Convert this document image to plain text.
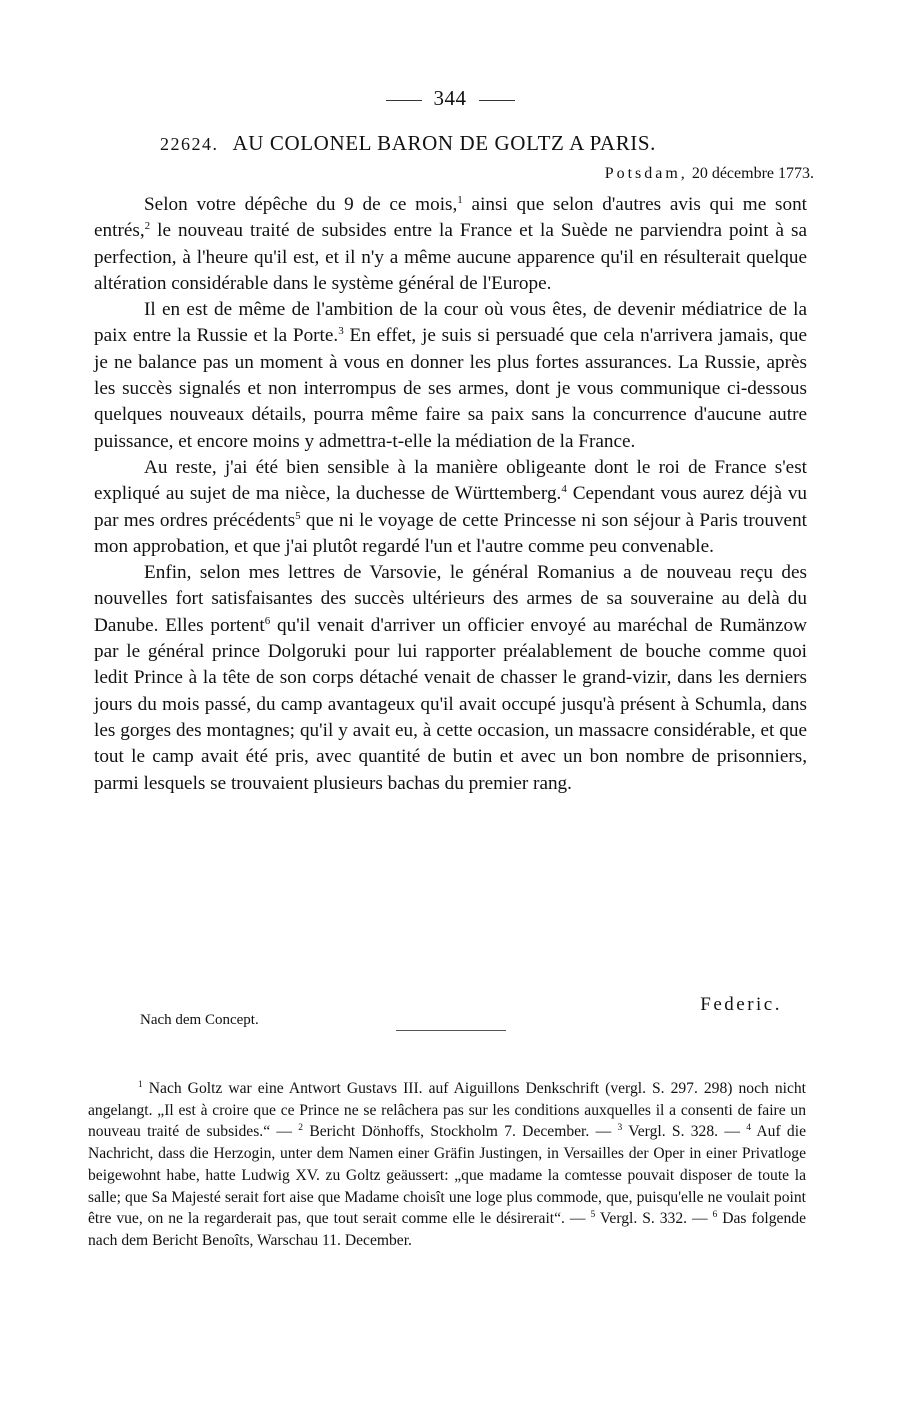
344
22624. AU COLONEL BARON DE GOLTZ A PARIS.
Potsdam, 20 décembre 1773.

Selon votre dépêche du 9 de ce mois,$^1$ ainsi que selon d'autres avis qui me sont entrés,$^2$ le nouveau traité de subsides entre la France et la Suède ne parviendra point à sa perfection, à l'heure qu'il est, et il n'y a même aucune apparence qu'il en résulterait quelque altération considérable dans le système général de l'Europe.

Il en est de même de l'ambition de la cour où vous êtes, de devenir médiatrice de la paix entre la Russie et la Porte.$^3$ En effet, je suis si persuadé que cela n'arrivera jamais, que je ne balance pas un moment à vous en donner les plus fortes assurances. La Russie, après les succès signalés et non interrompus de ses armes, dont je vous communique ci-dessous quelques nouveaux détails, pourra même faire sa paix sans la concurrence d'aucune autre puissance, et encore moins y admettra-t-elle la médiation de la France.

Au reste, j'ai été bien sensible à la manière obligeante dont le roi de France s'est expliqué au sujet de ma nièce, la duchesse de Württemberg.$^4$ Cependant vous aurez déjà vu par mes ordres précédents$^5$ que ni le voyage de cette Princesse ni son séjour à Paris trouvent mon approbation, et que j'ai plutôt regardé l'un et l'autre comme peu convenable.

Enfin, selon mes lettres de Varsovie, le général Romanius a de nouveau reçu des nouvelles fort satisfaisantes des succès ultérieurs des armes de sa souveraine au delà du Danube. Elles portent$^6$ qu'il venait d'arriver un officier envoyé au maréchal de Rumänzow par le général prince Dolgoruki pour lui rapporter préalablement de bouche comme quoi ledit Prince à la tête de son corps détaché venait de chasser le grand-vizir, dans les derniers jours du mois passé, du camp avantageux qu'il avait occupé jusqu'à présent à Schumla, dans les gorges des montagnes; qu'il y avait eu, à cette occasion, un massacre considérable, et que tout le camp avait été pris, avec quantité de butin et avec un bon nombre de prisonniers, parmi lesquels se trouvaient plusieurs bachas du premier rang.

Federic.
Nach dem Concept.

$^1$ Nach Goltz war eine Antwort Gustavs III. auf Aiguillons Denkschrift (vergl. S. 297. 298) noch nicht angelangt. „Il est à croire que ce Prince ne se relâchera pas sur les conditions auxquelles il a consenti de faire un nouveau traité de subsides.“ — $^2$ Bericht Dönhoffs, Stockholm 7. December. — $^3$ Vergl. S. 328. — $^4$ Auf die Nachricht, dass die Herzogin, unter dem Namen einer Gräfin Justingen, in Versailles der Oper in einer Privatloge beigewohnt habe, hatte Ludwig XV. zu Goltz geäussert: „que madame la comtesse pouvait disposer de toute la salle; que Sa Majesté serait fort aise que Madame choisît une loge plus commode, que, puisqu'elle ne voulait point être vue, on ne la regarderait pas, que tout serait comme elle le désirerait“. — $^5$ Vergl. S. 332. — $^6$ Das folgende nach dem Bericht Benoîts, Warschau 11. December.
